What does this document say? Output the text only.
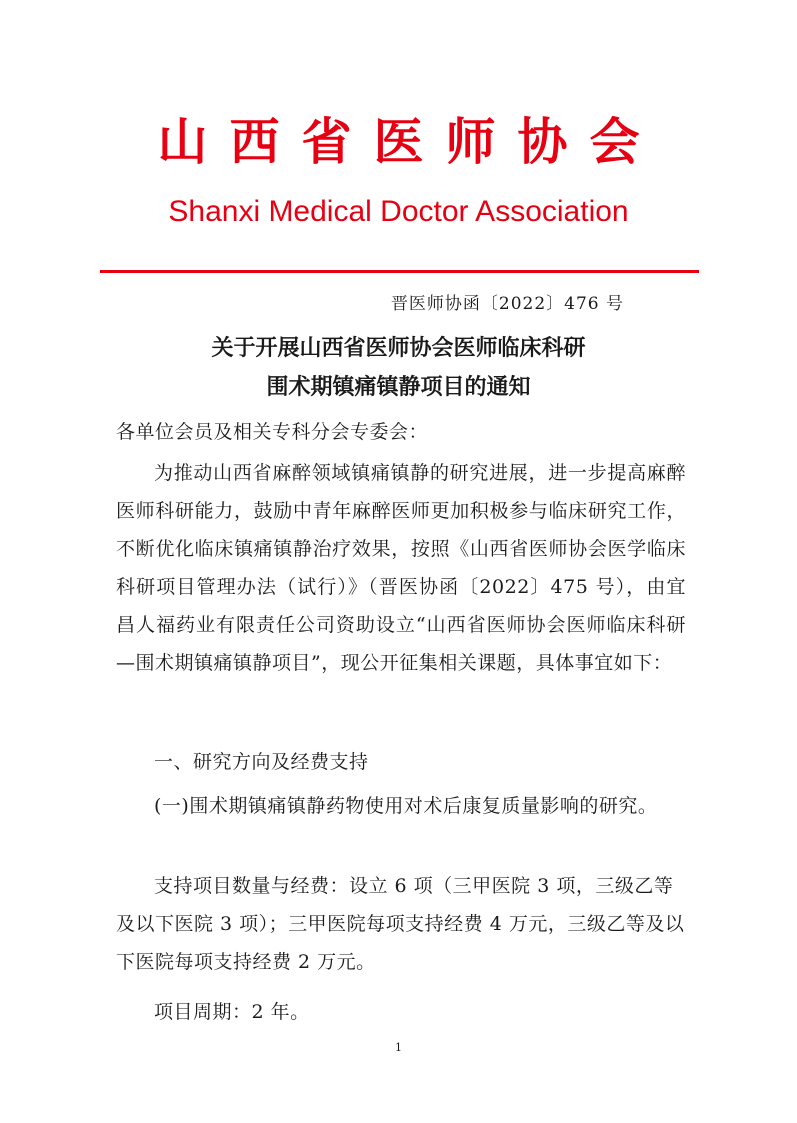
山西省医师协会
Shanxi Medical Doctor Association
晋医师协函〔2022〕476 号
关于开展山西省医师协会医师临床科研
围术期镇痛镇静项目的通知
各单位会员及相关专科分会专委会：
为推动山西省麻醉领域镇痛镇静的研究进展，进一步提高麻醉医师科研能力，鼓励中青年麻醉医师更加积极参与临床研究工作，不断优化临床镇痛镇静治疗效果，按照《山西省医师协会医学临床科研项目管理办法（试行）》（晋医协函〔2022〕475 号），由宜昌人福药业有限责任公司资助设立“山西省医师协会医师临床科研—围术期镇痛镇静项目”，现公开征集相关课题，具体事宜如下：
一、研究方向及经费支持
(一)围术期镇痛镇静药物使用对术后康复质量影响的研究。
支持项目数量与经费：设立 6 项（三甲医院 3 项，三级乙等及以下医院 3 项）；三甲医院每项支持经费 4 万元，三级乙等及以下医院每项支持经费 2 万元。
项目周期：2 年。
1
